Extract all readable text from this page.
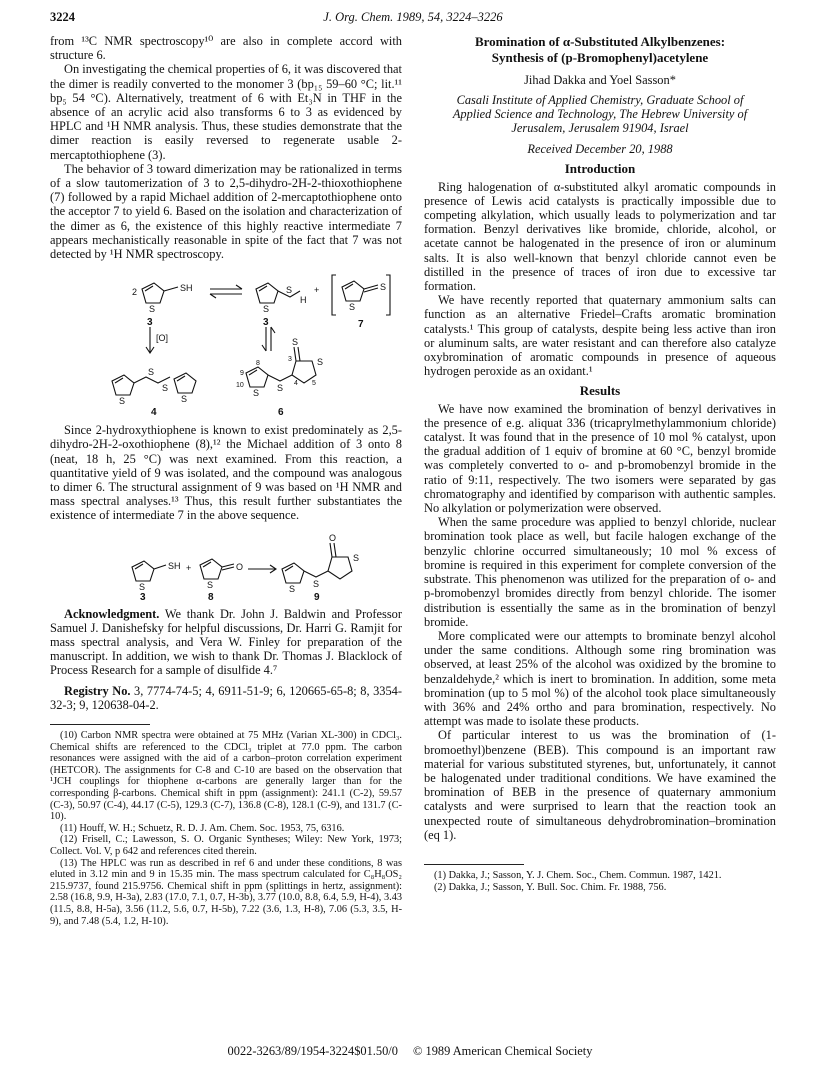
3224	J. Org. Chem. 1989, 54, 3224–3226

from ¹³C NMR spectroscopy¹⁰ are also in complete accord with structure 6.

On investigating the chemical properties of 6, it was discovered that the dimer is readily converted to the monomer 3 (bp₁₅ 59–60 °C; lit.¹¹ bp₅ 54 °C). Alternatively, treatment of 6 with Et₃N in THF in the absence of an acrylic acid also transforms 6 to 3 as evidenced by HPLC and ¹H NMR analysis. Thus, these studies demonstrate that the dimer reaction is easily reversed to regenerate usable 2-mercaptothiophene (3).

The behavior of 3 toward dimerization may be rationalized in terms of a slow tautomerization of 3 to 2,5-dihydro-2H-2-thioxothiophene (7) followed by a rapid Michael addition of 2-mercaptothiophene onto the acceptor 7 to yield 6. Based on the isolation and characterization of the dimer as 6, the existence of this highly reactive intermediate 7 appears mechanistically reasonable in spite of the fact that 7 was not detected by ¹H NMR spectroscopy.

2	SH
S	S
S
H
+
S
S
[O]
S
S
S
S
S S
S
S
8
9
10
3
4 5
3	3	7
4	6

Since 2-hydroxythiophene is known to exist predominately as 2,5-dihydro-2H-2-oxothiophene (8),¹² the Michael addition of 3 onto 8 (neat, 18 h, 25 °C) was next examined. From this reaction, a quantitative yield of 9 was isolated, and the compound was analogous to dimer 6. The structural assignment of 9 was based on ¹H NMR and mass spectral analyses.¹³ Thus, this result further substantiates the existence of intermediate 7 in the above sequence.

SH
S
+
S
O
S S
S
O
3	8	9

Acknowledgment. We thank Dr. John J. Baldwin and Professor Samuel J. Danishefsky for helpful discussions, Dr. Harri G. Ramjit for mass spectral analysis, and Vera W. Finley for preparation of the manuscript. In addition, we wish to thank Dr. Thomas J. Blacklock of Process Research for a sample of disulfide 4.⁷

Registry No. 3, 7774-74-5; 4, 6911-51-9; 6, 120665-65-8; 8, 3354-32-3; 9, 120638-04-2.

(10) Carbon NMR spectra were obtained at 75 MHz (Varian XL-300) in CDCl₃. Chemical shifts are referenced to the CDCl₃ triplet at 77.0 ppm. The carbon resonances were assigned with the aid of a carbon–proton correlation experiment (HETCOR). The assignments for C-8 and C-10 are based on the observation that ¹JCH couplings for thiophene α-carbons are generally larger than for the corresponding β-carbons. Chemical shift in ppm (assignment): 241.1 (C-2), 59.57 (C-3), 50.97 (C-4), 44.17 (C-5), 129.3 (C-7), 136.8 (C-8), 128.1 (C-9), and 131.7 (C-10).

(11) Houff, W. H.; Schuetz, R. D. J. Am. Chem. Soc. 1953, 75, 6316.

(12) Frisell, C.; Lawesson, S. O. Organic Syntheses; Wiley: New York, 1973; Collect. Vol. V, p 642 and references cited therein.

(13) The HPLC was run as described in ref 6 and under these conditions, 8 was eluted in 3.12 min and 9 in 15.35 min. The mass spectrum calculated for C₈H₈OS₂ 215.9737, found 215.9756. Chemical shift in ppm (splittings in hertz, assignment): 2.58 (16.8, 9.9, H-3a), 2.83 (17.0, 7.1, 0.7, H-3b), 3.77 (10.0, 8.8, 6.4, 5.9, H-4), 3.43 (11.5, 8.8, H-5a), 3.56 (11.2, 5.6, 0.7, H-5b), 7.22 (3.6, 1.3, H-8), 7.06 (5.3, 3.5, H-9), and 7.48 (5.4, 1.2, H-10).

Bromination of α-Substituted Alkylbenzenes:
Synthesis of (p-Bromophenyl)acetylene
Jihad Dakka and Yoel Sasson*
Casali Institute of Applied Chemistry, Graduate School of
Applied Science and Technology, The Hebrew University of
Jerusalem, Jerusalem 91904, Israel
Received December 20, 1988
Introduction

Ring halogenation of α-substituted alkyl aromatic compounds in presence of Lewis acid catalysts is practically impossible due to competing alkylation, which usually leads to polymerization and tar formation. Benzyl derivatives like bromide, chloride, alcohol, or acetate cannot be halogenated in the presence of iron or aluminum salts. It is also well-known that benzyl chloride cannot even be distilled in the presence of traces of iron due to excessive tar formation.

We have recently reported that quaternary ammonium salts can function as an alternative Friedel–Crafts aromatic bromination catalysts.¹ This group of catalysts, despite being less active than iron or aluminum salts, are water resistant and can therefore also catalyze oxybromination of aromatic compounds in presence of aqueous hydrogen peroxide as an oxidant.¹

Results

We have now examined the bromination of benzyl derivatives in the presence of e.g. aliquat 336 (tricaprylmethylammonium chloride) catalyst. It was found that in the presence of 10 mol % catalyst, upon the gradual addition of 1 equiv of bromine at 60 °C, benzyl bromide was completely converted to o- and p-bromobenzyl bromide in the ratio of 9:11, respectively. The two isomers were separated by gas chromatography and identified by comparison with authentic samples. No alkylation or polymerization were observed.

When the same procedure was applied to benzyl chloride, nuclear bromination took place as well, but facile halogen exchange of the benzylic chlorine occurred simultaneously; 10 mol % excess of bromine is required in this experiment for complete conversion of the substrate. This phenomenon was utilized for the preparation of o- and p-bromobenzyl bromides directly from benzyl chloride. The isomer distribution is essentially the same as in the bromination of benzyl bromide.

More complicated were our attempts to brominate benzyl alcohol under the same conditions. Although some ring bromination was observed, at least 25% of the alcohol was oxidized by the bromine to benzaldehyde,² which is inert to bromination. In addition, some meta bromination (up to 5 mol %) of the alcohol took place simultaneously with 36% and 24% ortho and para bromination, respectively. No attempt was made to isolate these products.

Of particular interest to us was the bromination of (1-bromoethyl)benzene (BEB). This compound is an important raw material for various substituted styrenes, but, unfortunately, it cannot be halogenated under traditional conditions. We have examined the bromination of BEB in the presence of quaternary ammonium catalysts and were surprised to learn that the reaction took an unexpected route of simultaneous dehydrobromination–bromination (eq 1).

(1) Dakka, J.; Sasson, Y. J. Chem. Soc., Chem. Commun. 1987, 1421.

(2) Dakka, J.; Sasson, Y. Bull. Soc. Chim. Fr. 1988, 756.

0022-3263/89/1954-3224$01.50/0 © 1989 American Chemical Society
